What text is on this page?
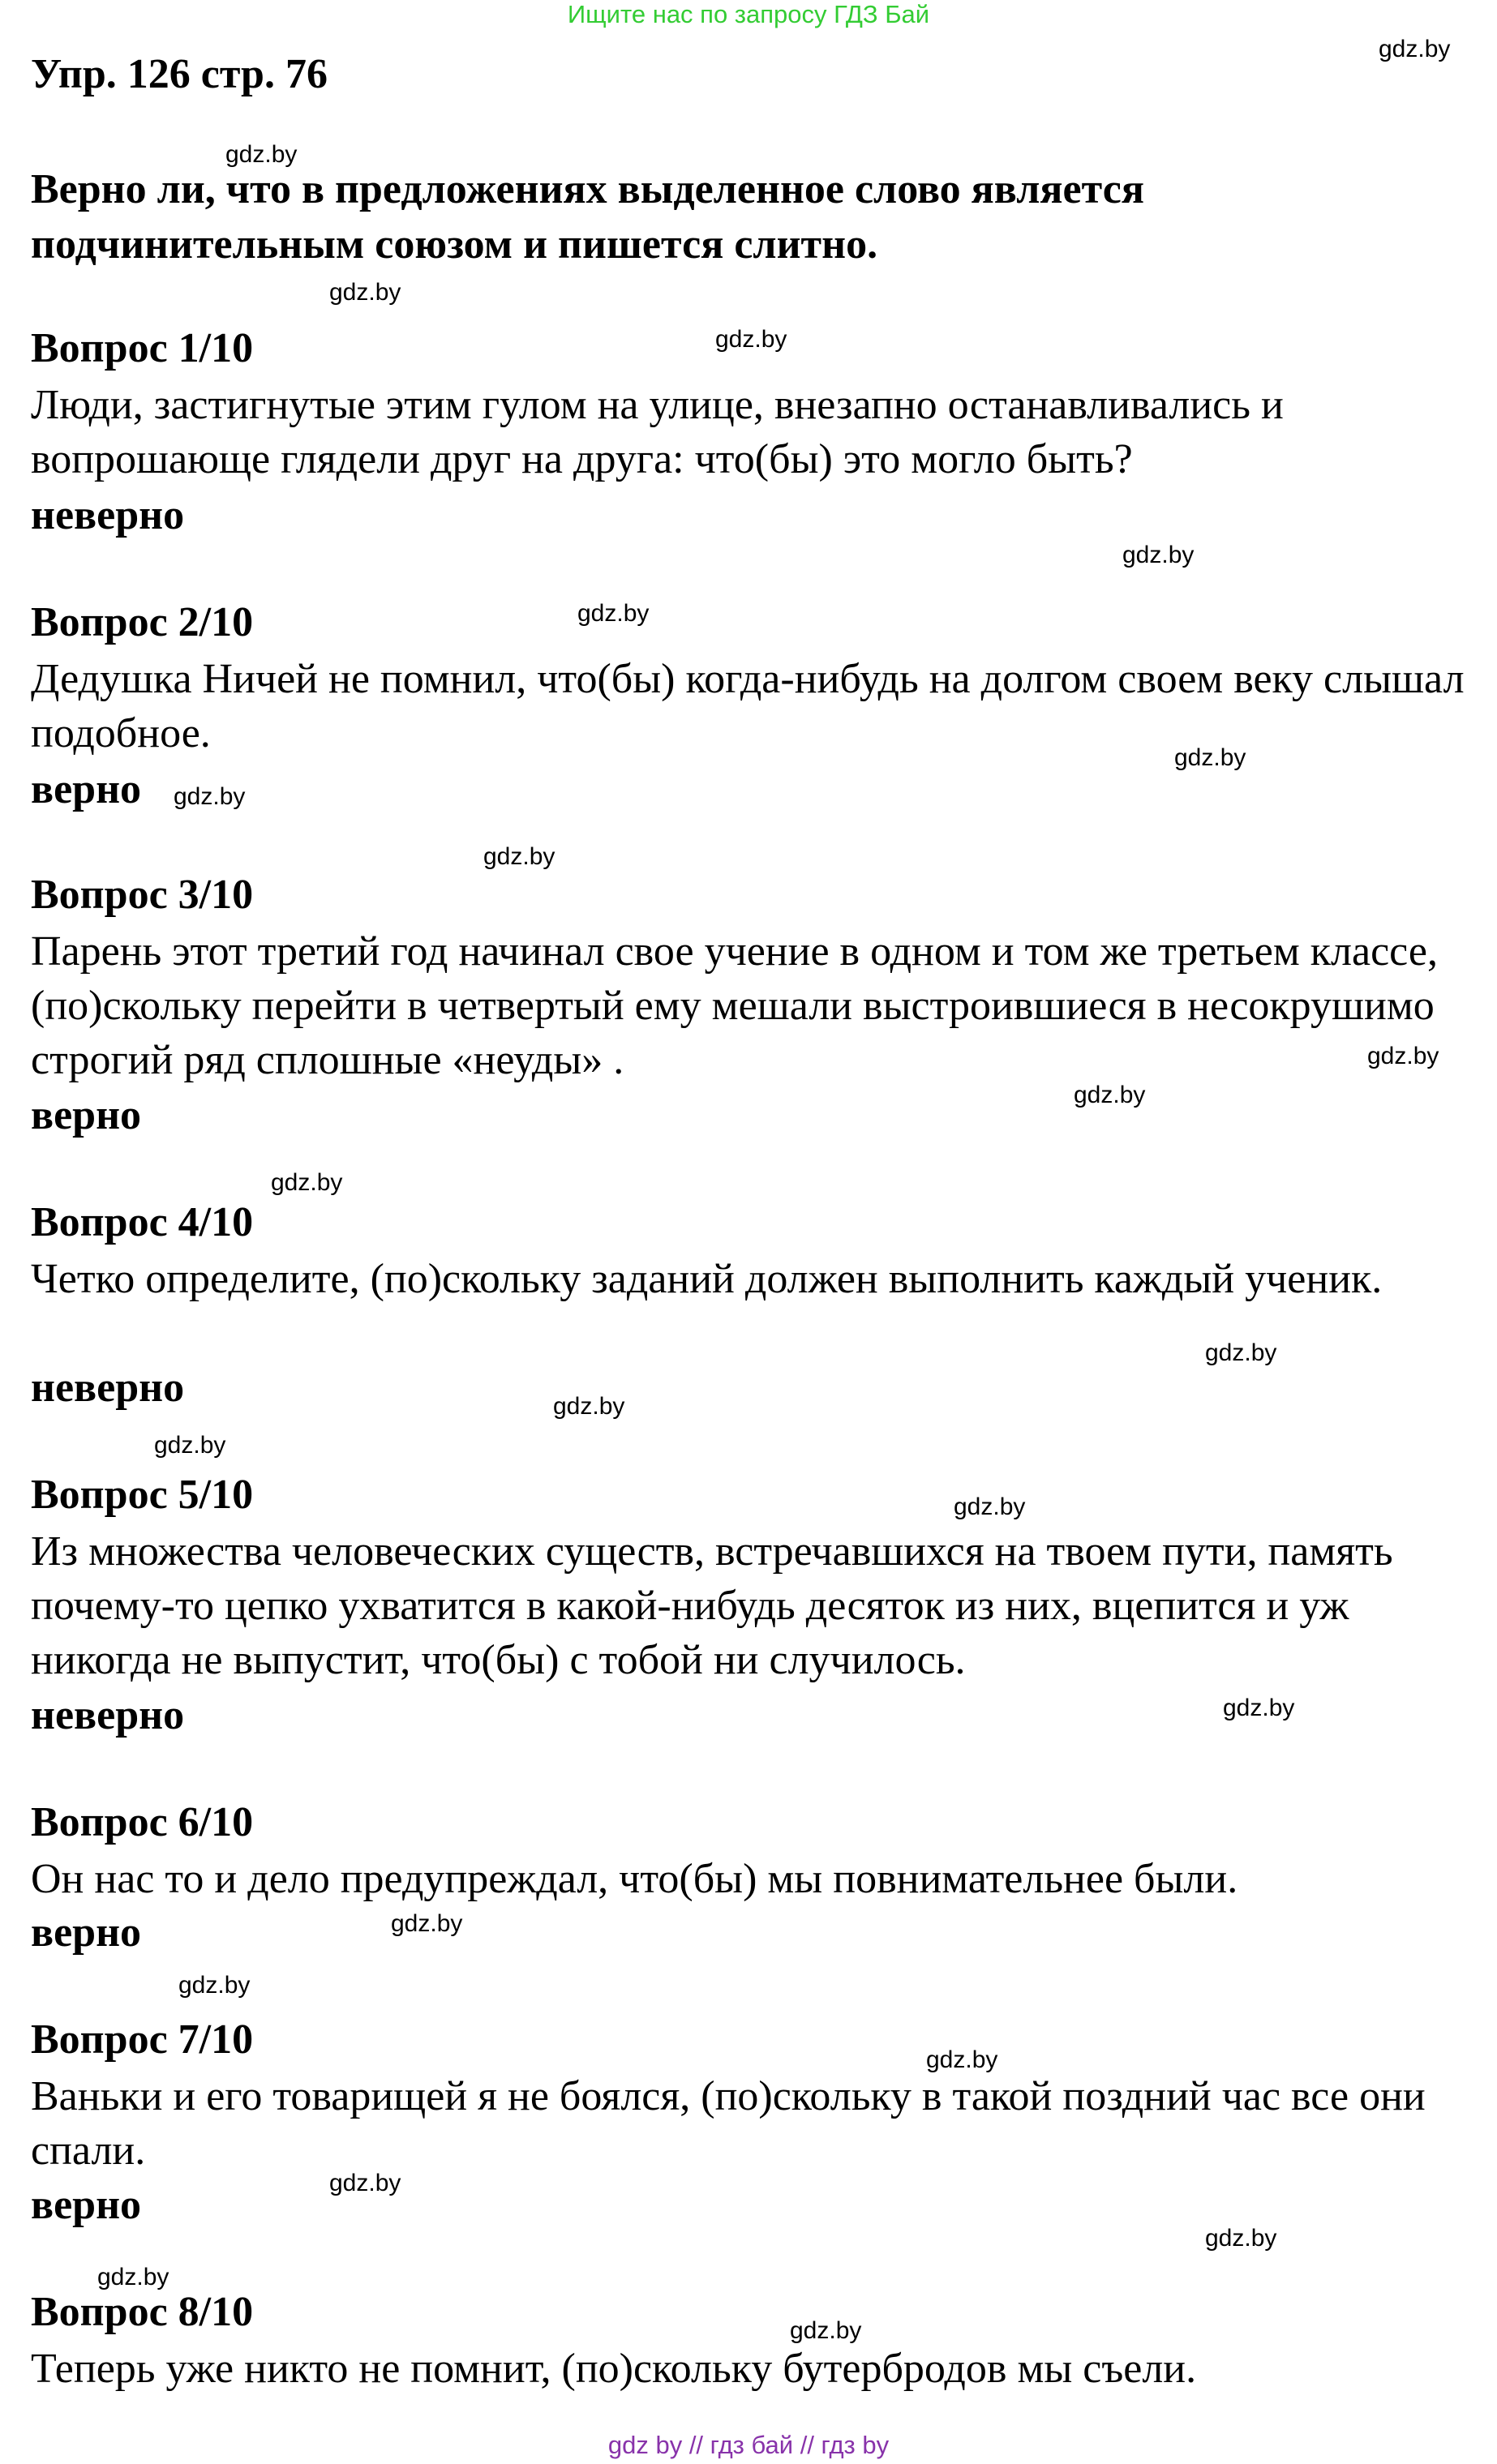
Ищите нас по запросу ГДЗ Бай
Упр. 126 стр. 76

Верно ли, что в предложениях выделенное слово является подчинительным союзом и пишется слитно.

Вопрос 1/10

Люди, застигнутые этим гулом на улице, внезапно останавливались и вопрошающе глядели друг на друга: что(бы) это могло быть?

неверно
Вопрос 2/10

Дедушка Ничей не помнил, что(бы) когда-нибудь на долгом своем веку слышал подобное.

верно
Вопрос 3/10

Парень этот третий год начинал свое учение в одном и том же третьем классе, (по)скольку перейти в четвертый ему мешали выстроившиеся в несокрушимо строгий ряд сплошные «неуды» .

верно
Вопрос 4/10

Четко определите, (по)скольку заданий должен выполнить каждый ученик.

неверно
Вопрос 5/10

Из множества человеческих существ, встречавшихся на твоем пути, память почему-то цепко ухватится в какой-нибудь десяток из них, вцепится и уж никогда не выпустит, что(бы) с тобой ни случилось.

неверно
Вопрос 6/10

Он нас то и дело предупреждал, что(бы) мы повнимательнее были.

верно
Вопрос 7/10

Ваньки и его товарищей я не боялся, (по)скольку в такой поздний час все они спали.

верно
Вопрос 8/10

Теперь уже никто не помнит, (по)скольку бутербродов мы съели.

gdz.by
gdz.by
gdz.by
gdz.by
gdz.by
gdz.by
gdz.by
gdz.by
gdz.by
gdz.by
gdz.by
gdz.by
gdz.by
gdz.by
gdz.by
gdz.by
gdz.by
gdz.by
gdz.by
gdz.by
gdz.by
gdz.by
gdz.by
gdz.by
gdz by // гдз бай // гдз by
